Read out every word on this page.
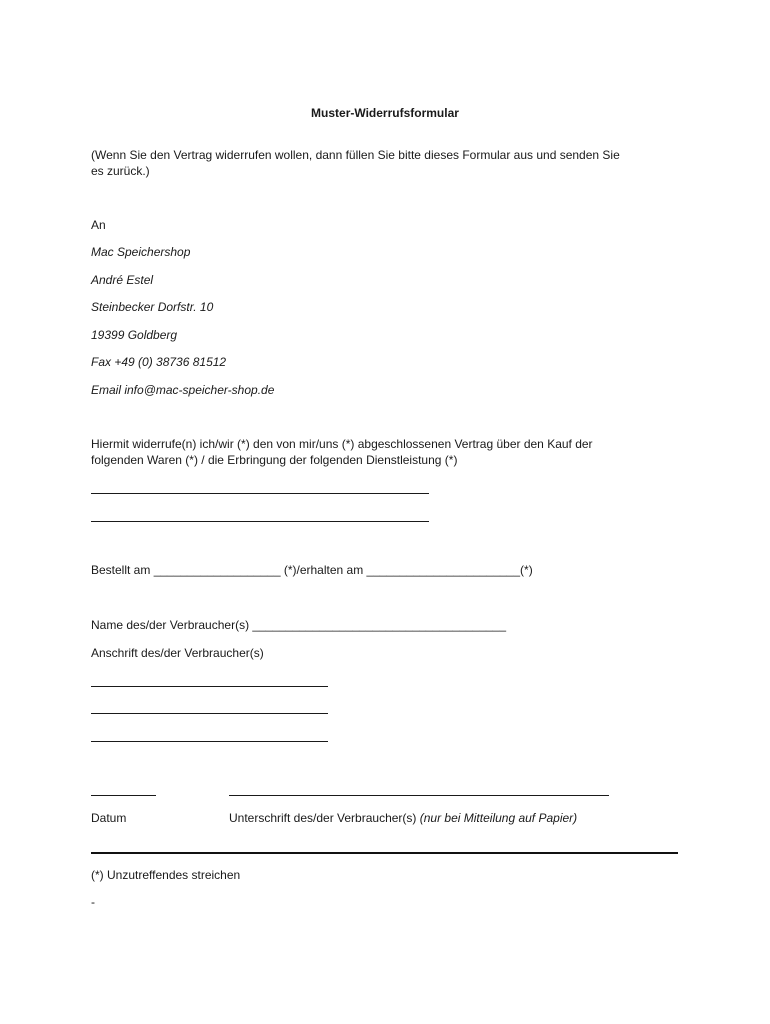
Muster-Widerrufsformular
(Wenn Sie den Vertrag widerrufen wollen, dann füllen Sie bitte dieses Formular aus und senden Sie
es zurück.)
An
Mac Speichershop
André Estel
Steinbecker Dorfstr. 10
19399 Goldberg
Fax +49 (0) 38736 81512
Email info@mac-speicher-shop.de
Hiermit widerrufe(n) ich/wir (*) den von mir/uns (*) abgeschlossenen Vertrag über den Kauf der
folgenden Waren (*) / die Erbringung der folgenden Dienstleistung (*)
Bestellt am ___________________ (*)/erhalten am _______________________(*)
Name des/der Verbraucher(s) ______________________________________
Anschrift des/der Verbraucher(s)
Datum	Unterschrift des/der Verbraucher(s) (nur bei Mitteilung auf Papier)
(*) Unzutreffendes streichen
-
